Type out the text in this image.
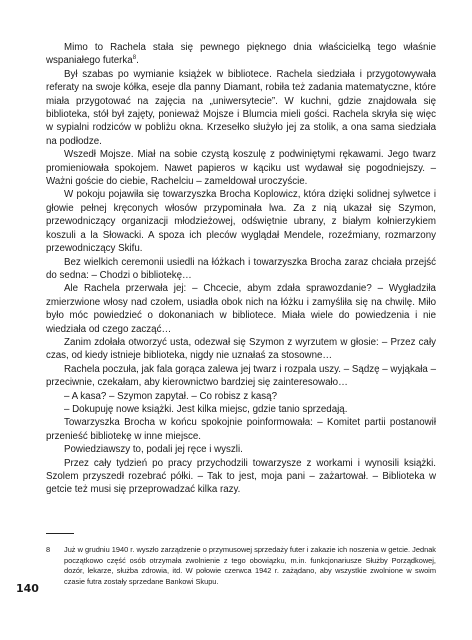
Mimo to Rachela stała się pewnego pięknego dnia właścicielką tego właśnie wspaniałego futerka$^8$.

Był szabas po wymianie książek w bibliotece. Rachela siedziała i przygotowywała referaty na swoje kółka, eseje dla panny Diamant, robiła też zadania matematyczne, które miała przygotować na zajęcia na „uniwersytecie”. W kuchni, gdzie znajdowała się biblioteka, stół był zajęty, ponieważ Mojsze i Blumcia mieli gości. Rachela skryła się więc w sypialni rodziców w pobliżu okna. Krzesełko służyło jej za stolik, a ona sama siedziała na podłodze.

Wszedł Mojsze. Miał na sobie czystą koszulę z podwiniętymi rękawami. Jego twarz promieniowała spokojem. Nawet papieros w kąciku ust wydawał się pogodniejszy. – Ważni goście do ciebie, Rachelciu – zameldował uroczyście.

W pokoju pojawiła się towarzyszka Brocha Koplowicz, która dzięki solidnej sylwetce i głowie pełnej kręconych włosów przypominała lwa. Za z nią ukazał się Szymon, przewodniczący organizacji młodzieżowej, odświętnie ubrany, z białym kołnierzykiem koszuli a la Słowacki. A spoza ich pleców wyglądał Mendele, rozeźmiany, rozmarzony przewodniczący Skifu.

Bez wielkich ceremonii usiedli na łóżkach i towarzyszka Brocha zaraz chciała przejść do sedna: – Chodzi o bibliotekę…

Ale Rachela przerwała jej: – Chcecie, abym zdała sprawozdanie? – Wygładziła zmierzwione włosy nad czołem, usiadła obok nich na łóżku i zamyśliła się na chwilę. Miło było móc powiedzieć o dokonaniach w bibliotece. Miała wiele do powiedzenia i nie wiedziała od czego zacząć…

Zanim zdołała otworzyć usta, odezwał się Szymon z wyrzutem w głosie: – Przez cały czas, od kiedy istnieje biblioteka, nigdy nie uznałaś za stosowne…

Rachela poczuła, jak fala gorąca zalewa jej twarz i rozpala uszy. – Sądzę – wyjąkała – przeciwnie, czekałam, aby kierownictwo bardziej się zainteresowało…

– A kasa? – Szymon zapytał. – Co robisz z kasą?

– Dokupuję nowe książki. Jest kilka miejsc, gdzie tanio sprzedają.

Towarzyszka Brocha w końcu spokojnie poinformowała: – Komitet partii postanowił przenieść bibliotekę w inne miejsce.

Powiedziawszy to, podali jej ręce i wyszli.

Przez cały tydzień po pracy przychodzili towarzysze z workami i wynosili książki. Szolem przyszedł rozebrać półki. – Tak to jest, moja pani – zażartował. – Biblioteka w getcie też musi się przeprowadzać kilka razy.

8 Już w grudniu 1940 r. wyszło zarządzenie o przymusowej sprzedaży futer i zakazie ich noszenia w getcie. Jednak początkowo część osób otrzymała zwolnienie z tego obowiązku, m.in. funkcjonariusze Służby Porządkowej, dozór, lekarze, służba zdrowia, itd. W połowie czerwca 1942 r. zażądano, aby wszystkie zwolnione w swoim czasie futra zostały sprzedane Bankowi Skupu.
140
